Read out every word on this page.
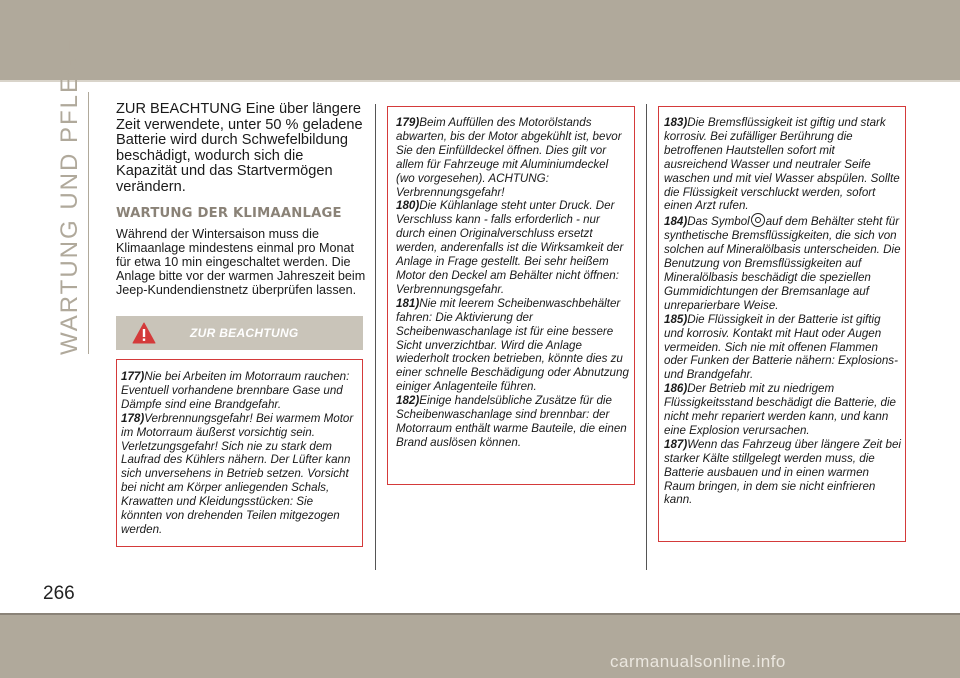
WARTUNG UND PFLEGE ZUR BEACHTUNG Eine über längere Zeit verwendete, unter 50 % geladene Batterie wird durch Schwefelbildung beschädigt, wodurch sich die Kapazität und das Startvermögen verändern.

WARTUNG DER KLIMAANLAGE

Während der Wintersaison muss die Klimaanlage mindestens einmal pro Monat für etwa 10 min eingeschaltet werden. Die Anlage bitte vor der warmen Jahreszeit beim Jeep-Kundendienstnetz überprüfen lassen.

ZUR BEACHTUNG

177)Nie bei Arbeiten im Motorraum rauchen: Eventuell vorhandene brennbare Gase und Dämpfe sind eine Brandgefahr.

178)Verbrennungsgefahr! Bei warmem Motor im Motorraum äußerst vorsichtig sein. Verletzungsgefahr! Sich nie zu stark dem Laufrad des Kühlers nähern. Der Lüfter kann sich unversehens in Betrieb setzen. Vorsicht bei nicht am Körper anliegenden Schals, Krawatten und Kleidungsstücken: Sie könnten von drehenden Teilen mitgezogen werden.

179)Beim Auffüllen des Motorölstands abwarten, bis der Motor abgekühlt ist, bevor Sie den Einfülldeckel öffnen. Dies gilt vor allem für Fahrzeuge mit Aluminiumdeckel (wo vorgesehen). ACHTUNG: Verbrennungsgefahr!

180)Die Kühlanlage steht unter Druck. Der Verschluss kann - falls erforderlich - nur durch einen Originalverschluss ersetzt werden, anderenfalls ist die Wirksamkeit der Anlage in Frage gestellt. Bei sehr heißem Motor den Deckel am Behälter nicht öffnen: Verbrennungsgefahr.

181)Nie mit leerem Scheibenwaschbehälter fahren: Die Aktivierung der Scheibenwaschanlage ist für eine bessere Sicht unverzichtbar. Wird die Anlage wiederholt trocken betrieben, könnte dies zu einer schnelle Beschädigung oder Abnutzung einiger Anlagenteile führen.

182)Einige handelsübliche Zusätze für die Scheibenwaschanlage sind brennbar: der Motorraum enthält warme Bauteile, die einen Brand auslösen können.

183)Die Bremsflüssigkeit ist giftig und stark korrosiv. Bei zufälliger Berührung die betroffenen Hautstellen sofort mit ausreichend Wasser und neutraler Seife waschen und mit viel Wasser abspülen. Sollte die Flüssigkeit verschluckt werden, sofort einen Arzt rufen.

184)Das Symbol auf dem Behälter steht für synthetische Bremsflüssigkeiten, die sich von solchen auf Mineralölbasis unterscheiden. Die Benutzung von Bremsflüssigkeiten auf Mineralölbasis beschädigt die speziellen Gummidichtungen der Bremsanlage auf unreparierbare Weise.

185)Die Flüssigkeit in der Batterie ist giftig und korrosiv. Kontakt mit Haut oder Augen vermeiden. Sich nie mit offenen Flammen oder Funken der Batterie nähern: Explosions- und Brandgefahr.

186)Der Betrieb mit zu niedrigem Flüssigkeitsstand beschädigt die Batterie, die nicht mehr repariert werden kann, und kann eine Explosion verursachen.

187)Wenn das Fahrzeug über längere Zeit bei starker Kälte stillgelegt werden muss, die Batterie ausbauen und in einen warmen Raum bringen, in dem sie nicht einfrieren kann.

266
carmanualsonline.info
